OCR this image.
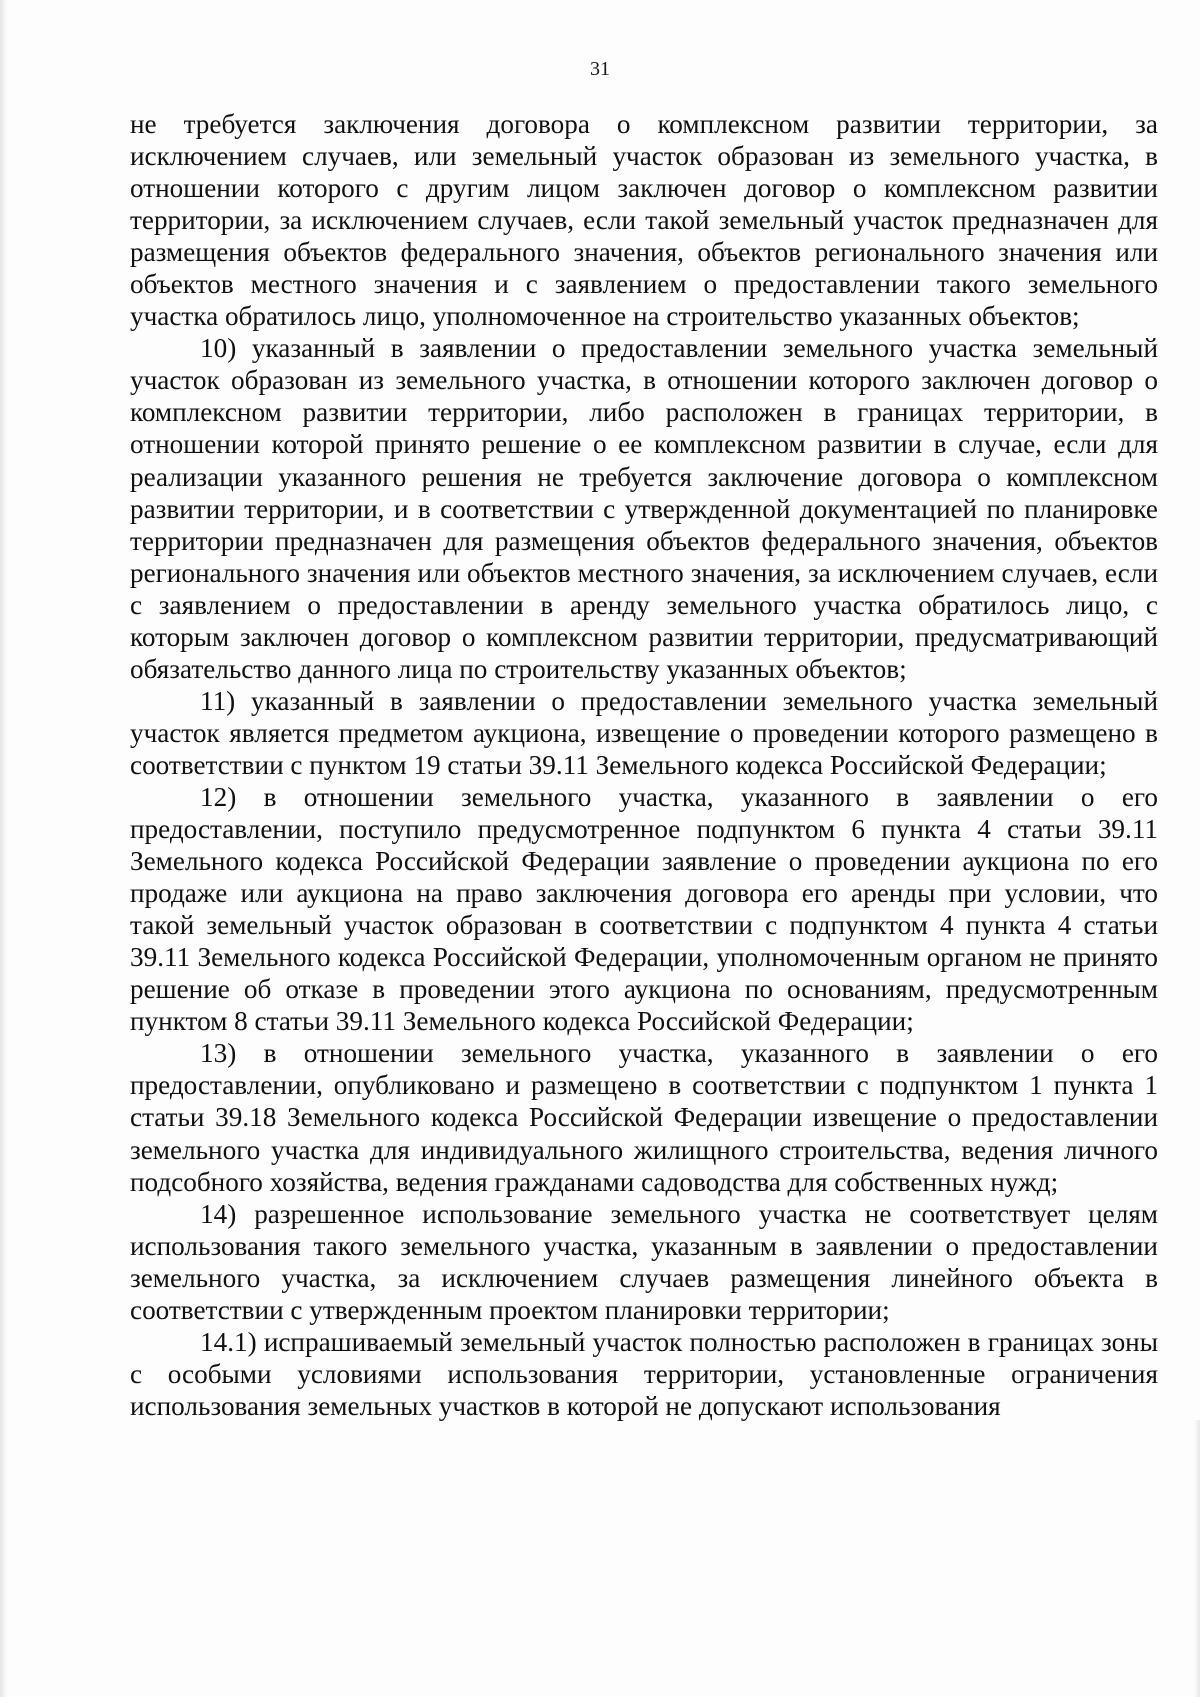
31

не требуется заключения договора о комплексном развитии территории, за исключением случаев, или земельный участок образован из земельного участка, в отношении которого с другим лицом заключен договор о комплексном развитии территории, за исключением случаев, если такой земельный участок предназначен для размещения объектов федерального значения, объектов регионального значения или объектов местного значения и с заявлением о предоставлении такого земельного участка обратилось лицо, уполномоченное на строительство указанных объектов;

10) указанный в заявлении о предоставлении земельного участка земельный участок образован из земельного участка, в отношении которого заключен договор о комплексном развитии территории, либо расположен в границах территории, в отношении которой принято решение о ее комплексном развитии в случае, если для реализации указанного решения не требуется заключение договора о комплексном развитии территории, и в соответствии с утвержденной документацией по планировке территории предназначен для размещения объектов федерального значения, объектов регионального значения или объектов местного значения, за исключением случаев, если с заявлением о предоставлении в аренду земельного участка обратилось лицо, с которым заключен договор о комплексном развитии территории, предусматривающий обязательство данного лица по строительству указанных объектов;

11) указанный в заявлении о предоставлении земельного участка земельный участок является предметом аукциона, извещение о проведении которого размещено в соответствии с пунктом 19 статьи 39.11 Земельного кодекса Российской Федерации;

12) в отношении земельного участка, указанного в заявлении о его предоставлении, поступило предусмотренное подпунктом 6 пункта 4 статьи 39.11 Земельного кодекса Российской Федерации заявление о проведении аукциона по его продаже или аукциона на право заключения договора его аренды при условии, что такой земельный участок образован в соответствии с подпунктом 4 пункта 4 статьи 39.11 Земельного кодекса Российской Федерации, уполномоченным органом не принято решение об отказе в проведении этого аукциона по основаниям, предусмотренным пунктом 8 статьи 39.11 Земельного кодекса Российской Федерации;

13) в отношении земельного участка, указанного в заявлении о его предоставлении, опубликовано и размещено в соответствии с подпунктом 1 пункта 1 статьи 39.18 Земельного кодекса Российской Федерации извещение о предоставлении земельного участка для индивидуального жилищного строительства, ведения личного подсобного хозяйства, ведения гражданами садоводства для собственных нужд;

14) разрешенное использование земельного участка не соответствует целям использования такого земельного участка, указанным в заявлении о предоставлении земельного участка, за исключением случаев размещения линейного объекта в соответствии с утвержденным проектом планировки территории;

14.1) испрашиваемый земельный участок полностью расположен в границах зоны с особыми условиями использования территории, установленные ограничения использования земельных участков в которой не допускают использования
